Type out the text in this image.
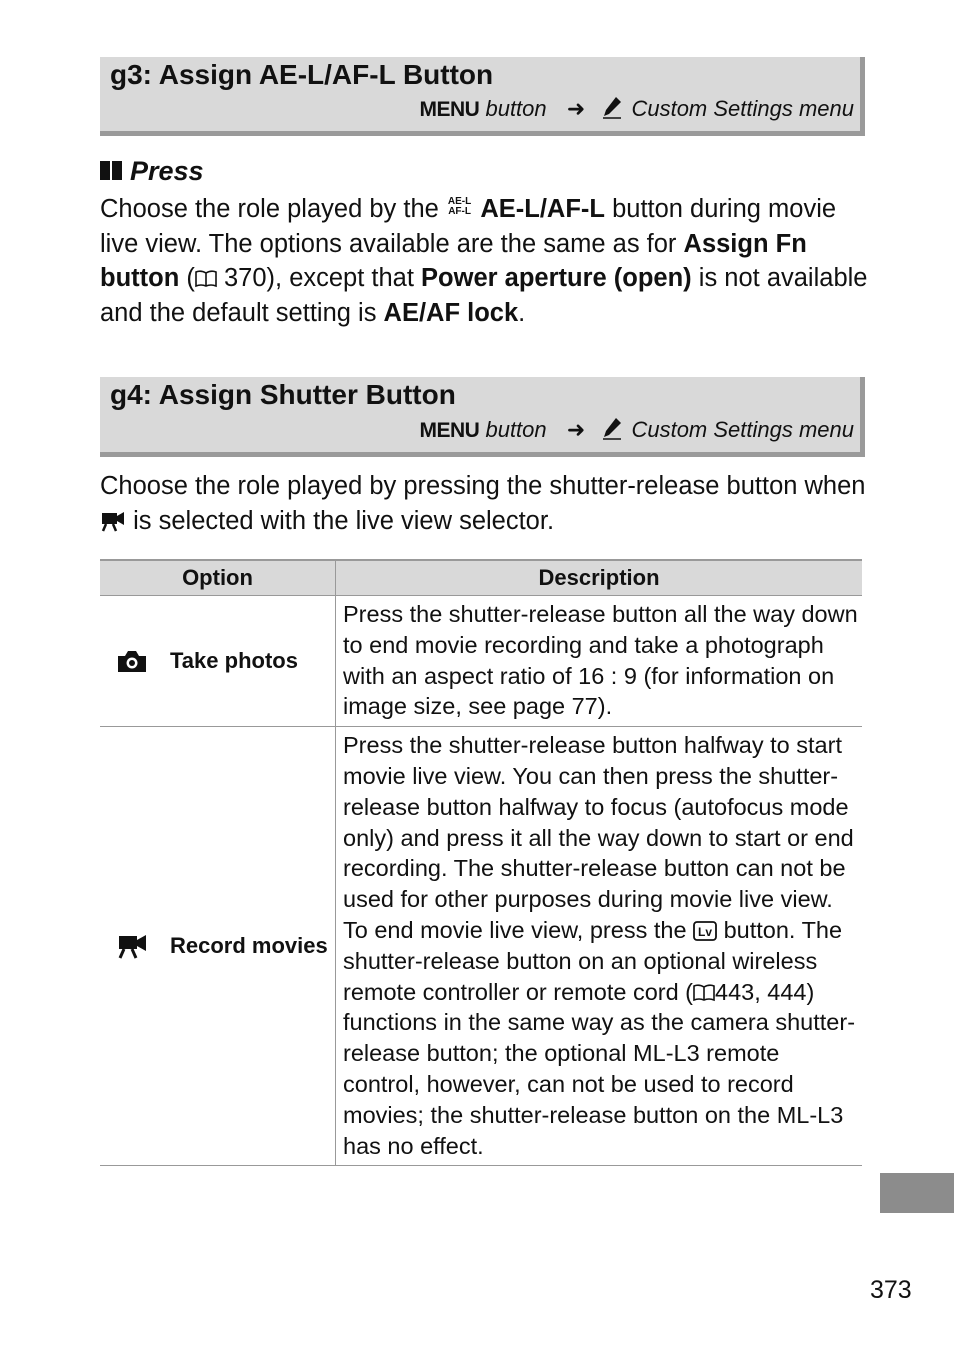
g3: Assign AE-L/AF-L Button
MENU button ➜ Custom Settings menu
Press
Choose the role played by the AE-L
AF-L AE-L/AF-L button during movie live view. The options available are the same as for Assign Fn button ( 370), except that Power aperture (open) is not available and the default setting is AE/AF lock.
g4: Assign Shutter Button
MENU button ➜ Custom Settings menu
Choose the role played by pressing the shutter-release button when  is selected with the live view selector.
Option	Description

Take photos	Press the shutter-release button all the way down to end movie recording and take a photograph with an aspect ratio of 16 : 9 (for information on image size, see page 77).

Record movies	Press the shutter-release button halfway to start movie live view. You can then press the shutter-release button halfway to focus (autofocus mode only) and press it all the way down to start or end recording. The shutter-release button can not be used for other purposes during movie live view. To end movie live view, press the Lv button. The shutter-release button on an optional wireless remote controller or remote cord ( 443, 444) functions in the same way as the camera shutter-release button; the optional ML-L3 remote control, however, can not be used to record movies; the shutter-release button on the ML-L3 has no effect.
373
